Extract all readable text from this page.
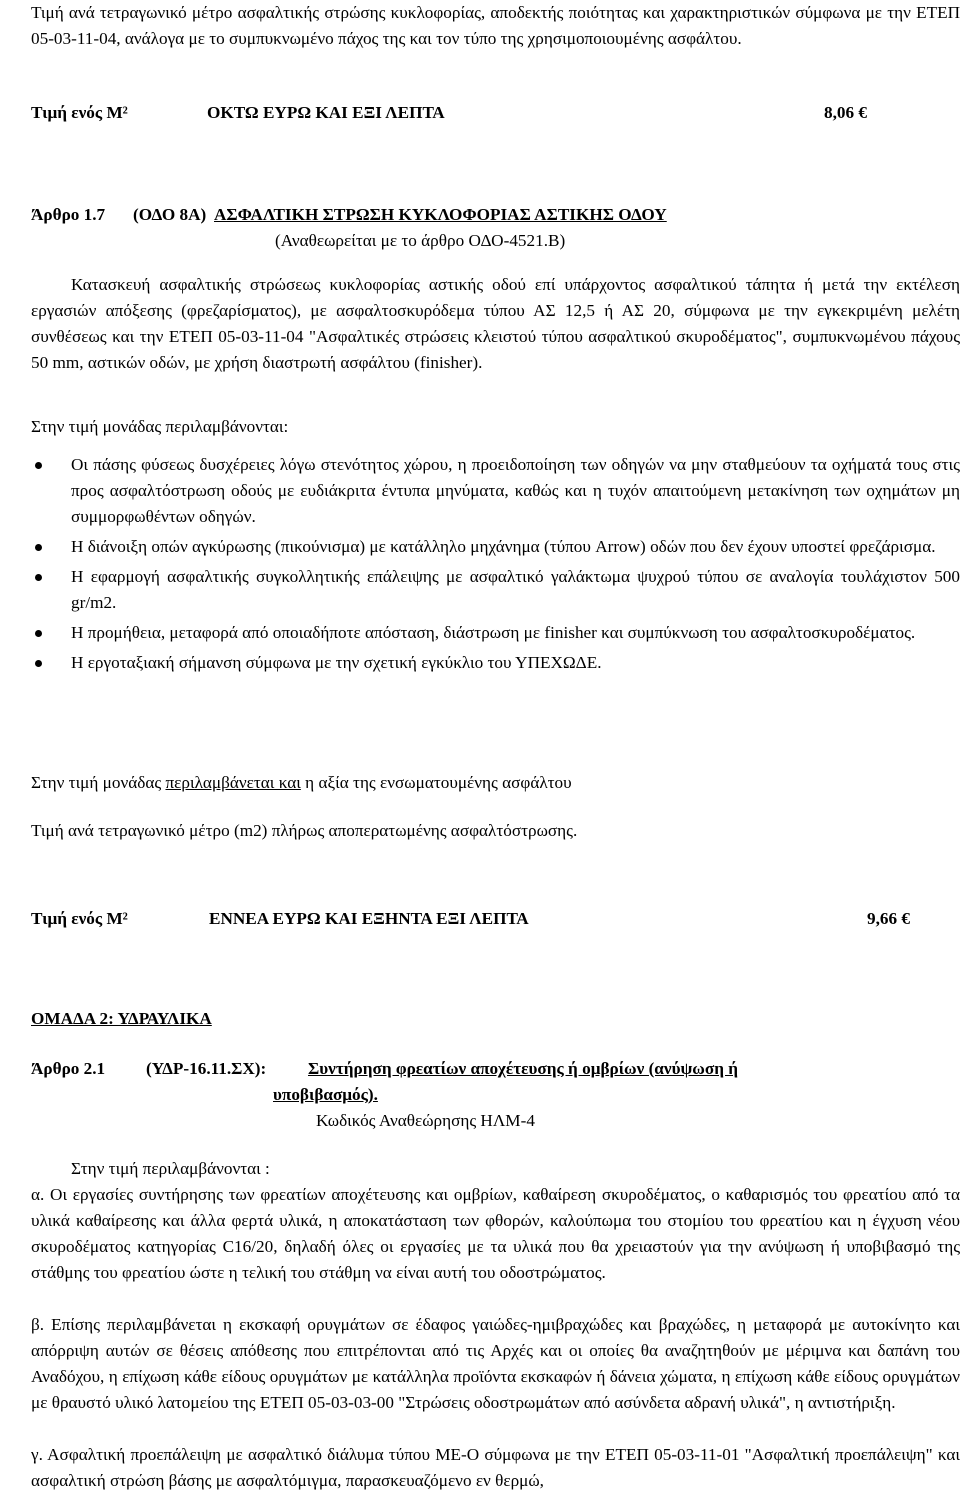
Τιμή ανά τετραγωνικό μέτρο ασφαλτικής στρώσης κυκλοφορίας, αποδεκτής ποιότητας και χαρακτηριστικών σύμφωνα με την ΕΤΕΠ 05-03-11-04, ανάλογα με το συμπυκνωμένο πάχος της και τον τύπο της χρησιμοποιουμένης ασφάλτου.

Τιμή ενός Μ²	ΟΚΤΩ ΕΥΡΩ ΚΑΙ ΕΞΙ ΛΕΠΤΑ	8,06 €
Άρθρο 1.7 (ΟΔΟ 8Α) ΑΣΦΑΛΤΙΚΗ ΣΤΡΩΣΗ ΚΥΚΛΟΦΟΡΙΑΣ ΑΣΤΙΚΗΣ ΟΔΟΥ
(Αναθεωρείται με το άρθρο ΟΔΟ-4521.Β)

Κατασκευή ασφαλτικής στρώσεως κυκλοφορίας αστικής οδού επί υπάρχοντος ασφαλτικού τάπητα ή μετά την εκτέλεση εργασιών απόξεσης (φρεζαρίσματος), με ασφαλτοσκυρόδεμα τύπου ΑΣ 12,5 ή ΑΣ 20, σύμφωνα με την εγκεκριμένη μελέτη συνθέσεως και την ΕΤΕΠ 05-03-11-04 "Ασφαλτικές στρώσεις κλειστού τύπου ασφαλτικού σκυροδέματος", συμπυκνωμένου πάχους 50 mm, αστικών οδών, με χρήση διαστρωτή ασφάλτου (finisher).

Στην τιμή μονάδας περιλαμβάνονται:

Οι πάσης φύσεως δυσχέρειες λόγω στενότητος χώρου, η προειδοποίηση των οδηγών να μην σταθμεύουν τα οχήματά τους στις προς ασφαλτόστρωση οδούς με ευδιάκριτα έντυπα μηνύματα, καθώς και η τυχόν απαιτούμενη μετακίνηση των οχημάτων μη συμμορφωθέντων οδηγών.
Η διάνοιξη οπών αγκύρωσης (πικούνισμα) με κατάλληλο μηχάνημα (τύπου Arrow) οδών που δεν έχουν υποστεί φρεζάρισμα.
Η εφαρμογή ασφαλτικής συγκολλητικής επάλειψης με ασφαλτικό γαλάκτωμα ψυχρού τύπου σε αναλογία τουλάχιστον 500 gr/m2.
Η προμήθεια, μεταφορά από οποιαδήποτε απόσταση, διάστρωση με finisher και συμπύκνωση του ασφαλτοσκυροδέματος.
Η εργοταξιακή σήμανση σύμφωνα με την σχετική εγκύκλιο του ΥΠΕΧΩΔΕ.

Στην τιμή μονάδας περιλαμβάνεται και η αξία της ενσωματουμένης ασφάλτου

Τιμή ανά τετραγωνικό μέτρο (m2) πλήρως αποπερατωμένης ασφαλτόστρωσης.

Τιμή ενός Μ²	ΕΝΝΕΑ ΕΥΡΩ ΚΑΙ ΕΞΗΝΤΑ ΕΞΙ ΛΕΠΤΑ	9,66 €
ΟΜΑΔΑ 2: ΥΔΡΑΥΛΙΚΑ
Άρθρο 2.1 (ΥΔΡ-16.11.ΣΧ): Συντήρηση φρεατίων αποχέτευσης ή ομβρίων (ανύψωση ή
υποβιβασμός).
Κωδικός Αναθεώρησης ΗΛΜ-4

Στην τιμή περιλαμβάνονται :

α. Οι εργασίες συντήρησης των φρεατίων αποχέτευσης και ομβρίων, καθαίρεση σκυροδέματος, ο καθαρισμός του φρεατίου από τα υλικά καθαίρεσης και άλλα φερτά υλικά, η αποκατάσταση των φθορών, καλούπωμα του στομίου του φρεατίου και η έγχυση νέου σκυροδέματος κατηγορίας C16/20, δηλαδή όλες οι εργασίες με τα υλικά που θα χρειαστούν για την ανύψωση ή υποβιβασμό της στάθμης του φρεατίου ώστε η τελική του στάθμη να είναι αυτή του οδοστρώματος.

β. Επίσης περιλαμβάνεται η εκσκαφή ορυγμάτων σε έδαφος γαιώδες-ημιβραχώδες και βραχώδες, η μεταφορά με αυτοκίνητο και απόρριψη αυτών σε θέσεις απόθεσης που επιτρέπονται από τις Αρχές και οι οποίες θα αναζητηθούν με μέριμνα και δαπάνη του Αναδόχου, η επίχωση κάθε είδους ορυγμάτων με κατάλληλα προϊόντα εκσκαφών ή δάνεια χώματα, η επίχωση κάθε είδους ορυγμάτων με θραυστό υλικό λατομείου της ΕΤΕΠ 05-03-03-00 "Στρώσεις οδοστρωμάτων από ασύνδετα αδρανή υλικά", η αντιστήριξη.

γ. Ασφαλτική προεπάλειψη με ασφαλτικό διάλυμα τύπου ΜΕ-Ο σύμφωνα με την ΕΤΕΠ 05-03-11-01 "Ασφαλτική προεπάλειψη" και ασφαλτική στρώση βάσης με ασφαλτόμιγμα, παρασκευαζόμενο εν θερμώ,
